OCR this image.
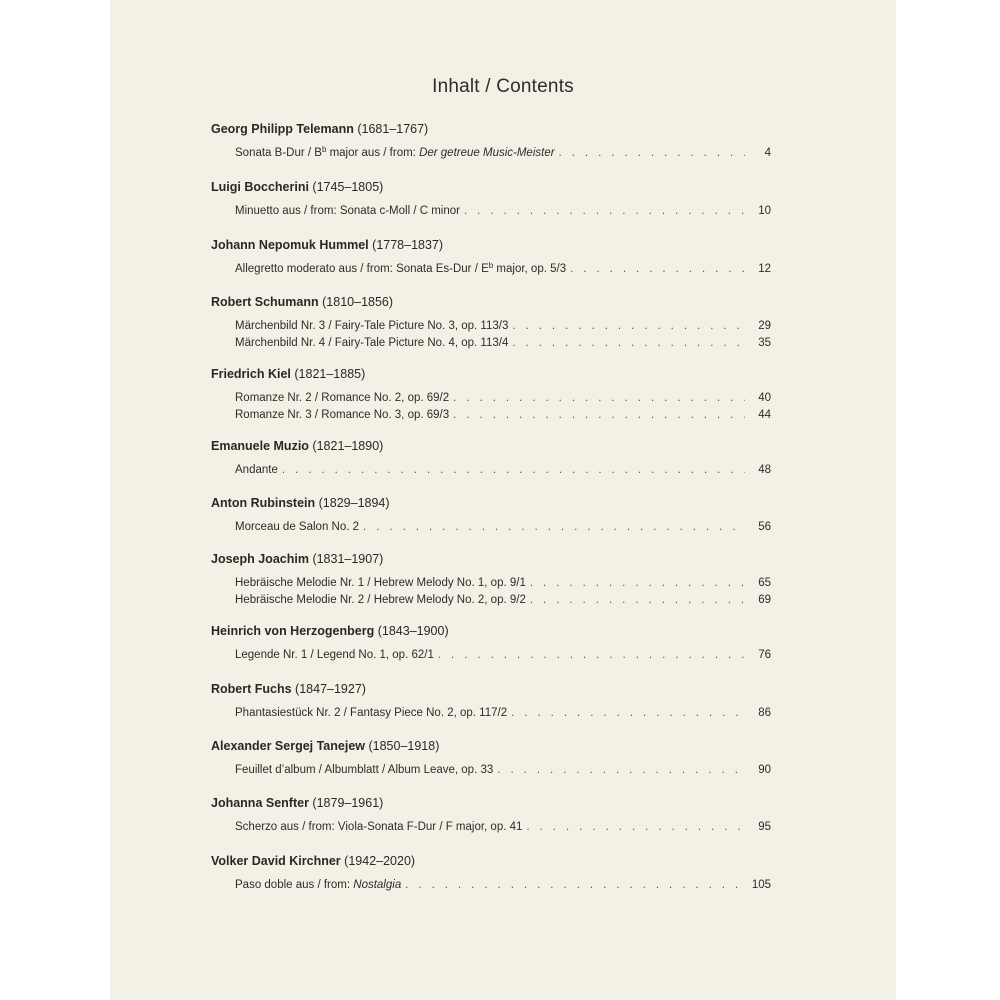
Inhalt / Contents
Georg Philipp Telemann (1681–1767)
Sonata $B-Dur / B^b$ major aus / from: Der getreue Music-Meister . . .	4
Luigi Boccherini (1745–1805)
Minuetto aus / from: Sonata c-Moll / C minor . . .	10
Johann Nepomuk Hummel (1778–1837)
Allegretto moderato aus / from: Sonata $Es-Dur / E^b$ major, op. 5/3 . . .	12
Robert Schumann (1810–1856)
Märchenbild Nr. 3 / Fairy-Tale Picture No. 3, op. 113/3 . . .	29
Märchenbild Nr. 4 / Fairy-Tale Picture No. 4, op. 113/4 . . .	35
Friedrich Kiel (1821–1885)
Romanze Nr. 2 / Romance No. 2, op. 69/2 . . .	40
Romanze Nr. 3 / Romance No. 3, op. 69/3 . . .	44
Emanuele Muzio (1821–1890)
Andante . . .	48
Anton Rubinstein (1829–1894)
Morceau de Salon No. 2 . . .	56
Joseph Joachim (1831–1907)
Hebräische Melodie Nr. 1 / Hebrew Melody No. 1, op. 9/1 . . .	65
Hebräische Melodie Nr. 2 / Hebrew Melody No. 2, op. 9/2 . . .	69
Heinrich von Herzogenberg (1843–1900)
Legende Nr. 1 / Legend No. 1, op. 62/1 . . .	76
Robert Fuchs (1847–1927)
Phantasiestück Nr. 2 / Fantasy Piece No. 2, op. 117/2 . . .	86
Alexander Sergej Tanejew (1850–1918)
Feuillet d’album / Albumblatt / Album Leave, op. 33 . . .	90
Johanna Senfter (1879–1961)
Scherzo aus / from: Viola-Sonata F-Dur / F major, op. 41 . . .	95
Volker David Kirchner (1942–2020)
Paso doble aus / from: Nostalgia . . .	105
